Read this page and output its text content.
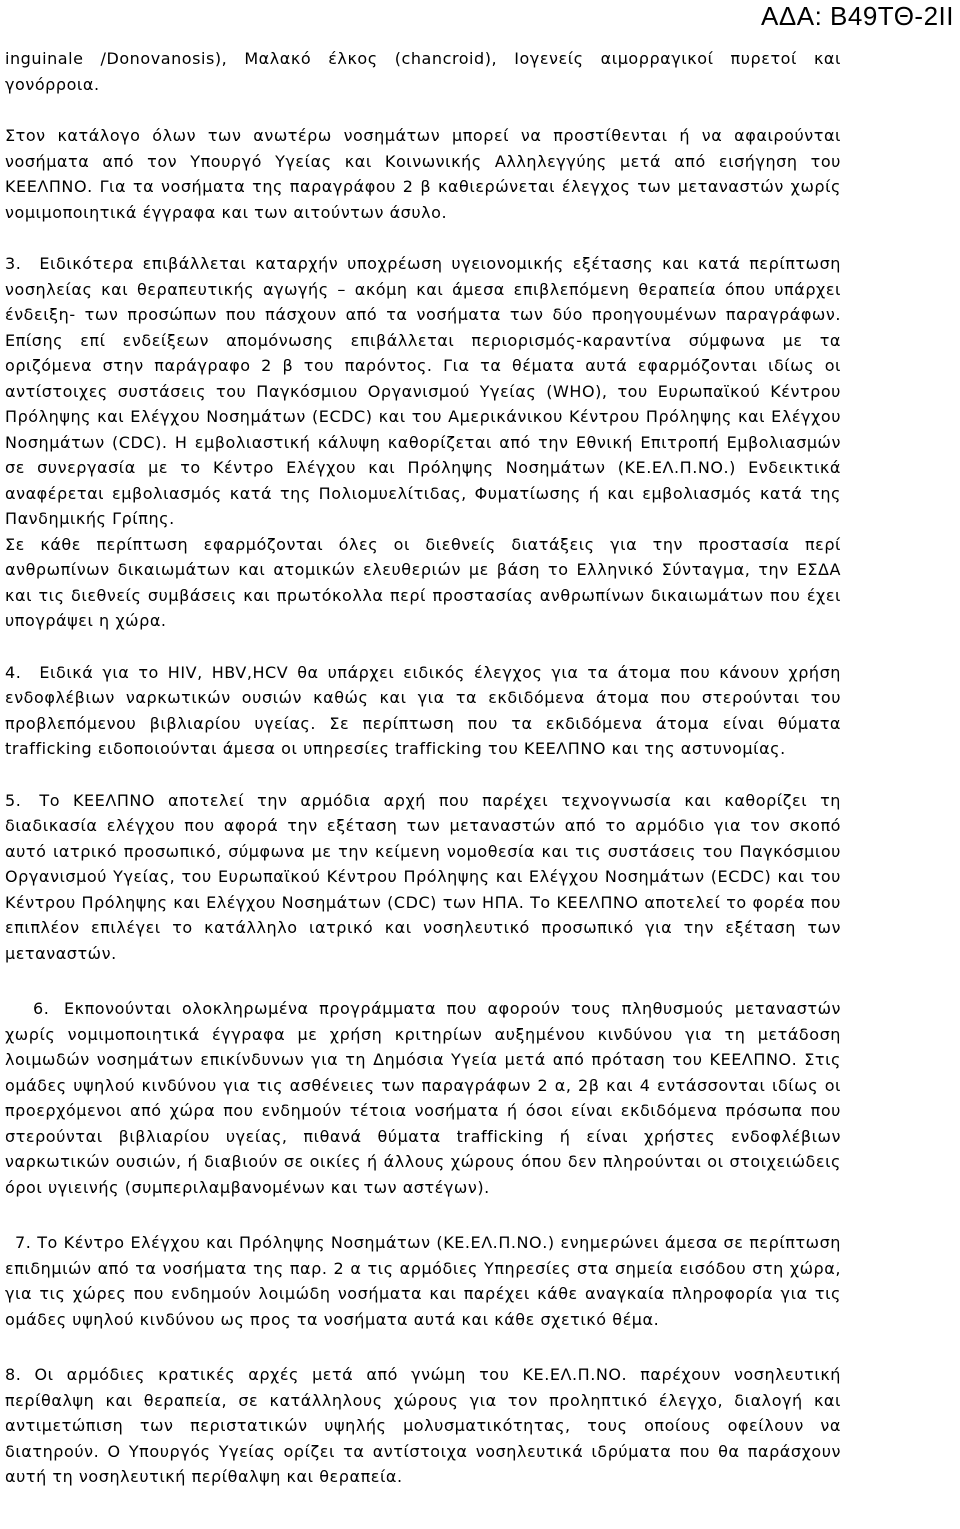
ΑΔΑ: Β49ΤΘ-2ΙΙ

inguinale /Donovanosis), Μαλακό έλκος (chancroid), Ιογενείς αιμορραγικοί πυρετοί και γονόρροια.

Στον κατάλογο όλων των ανωτέρω νοσημάτων μπορεί να προστίθενται ή να αφαιρούνται νοσήματα από τον Υπουργό Υγείας και Κοινωνικής Αλληλεγγύης μετά από εισήγηση του ΚΕΕΛΠΝΟ. Για τα νοσήματα της παραγράφου 2 β καθιερώνεται έλεγχος των μεταναστών χωρίς νομιμοποιητικά έγγραφα και των αιτούντων άσυλο.

3. Ειδικότερα επιβάλλεται καταρχήν υποχρέωση υγειονομικής εξέτασης και κατά περίπτωση νοσηλείας και θεραπευτικής αγωγής – ακόμη και άμεσα επιβλεπόμενη θεραπεία όπου υπάρχει ένδειξη- των προσώπων που πάσχουν από τα νοσήματα των δύο προηγουμένων παραγράφων. Επίσης επί ενδείξεων απομόνωσης επιβάλλεται περιορισμός-καραντίνα σύμφωνα με τα οριζόμενα στην παράγραφο 2 β του παρόντος. Για τα θέματα αυτά εφαρμόζονται ιδίως οι αντίστοιχες συστάσεις του Παγκόσμιου Οργανισμού Υγείας (WHO), του Ευρωπαϊκού Κέντρου Πρόληψης και Ελέγχου Νοσημάτων (ECDC) και του Αμερικάνικου Κέντρου Πρόληψης και Ελέγχου Νοσημάτων (CDC). Η εμβολιαστική κάλυψη καθορίζεται από την Εθνική Επιτροπή Εμβολιασμών σε συνεργασία με το Κέντρο Ελέγχου και Πρόληψης Νοσημάτων (ΚΕ.ΕΛ.Π.ΝΟ.) Ενδεικτικά αναφέρεται εμβολιασμός κατά της Πολιομυελίτιδας, Φυματίωσης ή και εμβολιασμός κατά της Πανδημικής Γρίπης.

Σε κάθε περίπτωση εφαρμόζονται όλες οι διεθνείς διατάξεις για την προστασία περί ανθρωπίνων δικαιωμάτων και ατομικών ελευθεριών με βάση το Ελληνικό Σύνταγμα, την ΕΣΔΑ και τις διεθνείς συμβάσεις και πρωτόκολλα περί προστασίας ανθρωπίνων δικαιωμάτων που έχει υπογράψει η χώρα.

4. Ειδικά για το HIV, HBV,HCV θα υπάρχει ειδικός έλεγχος για τα άτομα που κάνουν χρήση ενδοφλέβιων ναρκωτικών ουσιών καθώς και για τα εκδιδόμενα άτομα που στερούνται του προβλεπόμενου βιβλιαρίου υγείας. Σε περίπτωση που τα εκδιδόμενα άτομα είναι θύματα trafficking ειδοποιούνται άμεσα οι υπηρεσίες trafficking του ΚΕΕΛΠΝΟ και της αστυνομίας.

5. Το ΚΕΕΛΠΝΟ αποτελεί την αρμόδια αρχή που παρέχει τεχνογνωσία και καθορίζει τη διαδικασία ελέγχου που αφορά την εξέταση των μεταναστών από το αρμόδιο για τον σκοπό αυτό ιατρικό προσωπικό, σύμφωνα με την κείμενη νομοθεσία και τις συστάσεις του Παγκόσμιου Οργανισμού Υγείας, του Ευρωπαϊκού Κέντρου Πρόληψης και Ελέγχου Νοσημάτων (ECDC) και του Κέντρου Πρόληψης και Ελέγχου Νοσημάτων (CDC) των ΗΠΑ. Το ΚΕΕΛΠΝΟ αποτελεί το φορέα που επιπλέον επιλέγει το κατάλληλο ιατρικό και νοσηλευτικό προσωπικό για την εξέταση των μεταναστών.

6. Εκπονούνται ολοκληρωμένα προγράμματα που αφορούν τους πληθυσμούς μεταναστών χωρίς νομιμοποιητικά έγγραφα με χρήση κριτηρίων αυξημένου κινδύνου για τη μετάδοση λοιμωδών νοσημάτων επικίνδυνων για τη Δημόσια Υγεία μετά από πρόταση του ΚΕΕΛΠΝΟ. Στις ομάδες υψηλού κινδύνου για τις ασθένειες των παραγράφων 2 α, 2β και 4 εντάσσονται ιδίως οι προερχόμενοι από χώρα που ενδημούν τέτοια νοσήματα ή όσοι είναι εκδιδόμενα πρόσωπα που στερούνται βιβλιαρίου υγείας, πιθανά θύματα trafficking ή είναι χρήστες ενδοφλέβιων ναρκωτικών ουσιών, ή διαβιούν σε οικίες ή άλλους χώρους όπου δεν πληρούνται οι στοιχειώδεις όροι υγιεινής (συμπεριλαμβανομένων και των αστέγων).

7. Το Κέντρο Ελέγχου και Πρόληψης Νοσημάτων (ΚΕ.ΕΛ.Π.ΝΟ.) ενημερώνει άμεσα σε περίπτωση επιδημιών από τα νοσήματα της παρ. 2 α τις αρμόδιες Υπηρεσίες στα σημεία εισόδου στη χώρα, για τις χώρες που ενδημούν λοιμώδη νοσήματα και παρέχει κάθε αναγκαία πληροφορία για τις ομάδες υψηλού κινδύνου ως προς τα νοσήματα αυτά και κάθε σχετικό θέμα.

8. Οι αρμόδιες κρατικές αρχές μετά από γνώμη του ΚΕ.ΕΛ.Π.ΝΟ. παρέχουν νοσηλευτική περίθαλψη και θεραπεία, σε κατάλληλους χώρους για τον προληπτικό έλεγχο, διαλογή και αντιμετώπιση των περιστατικών υψηλής μολυσματικότητας, τους οποίους οφείλουν να διατηρούν. Ο Υπουργός Υγείας ορίζει τα αντίστοιχα νοσηλευτικά ιδρύματα που θα παράσχουν αυτή τη νοσηλευτική περίθαλψη και θεραπεία.
